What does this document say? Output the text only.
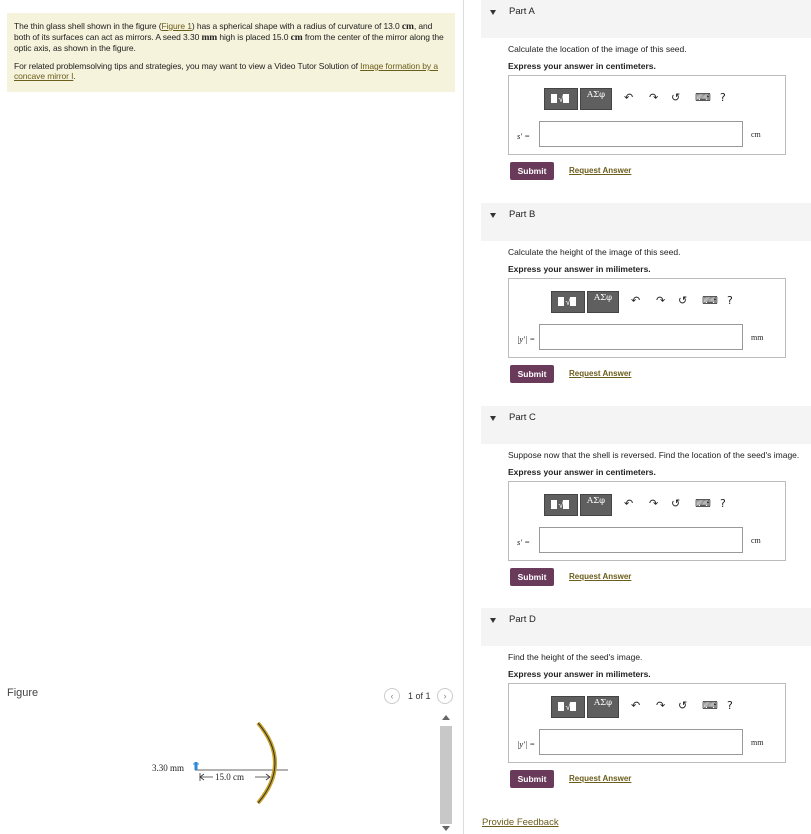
The thin glass shell shown in the figure (Figure 1) has a spherical shape with a radius of curvature of 13.0 cm, and both of its surfaces can act as mirrors. A seed 3.30 mm high is placed 15.0 cm from the center of the mirror along the optic axis, as shown in the figure.
For related problemsolving tips and strategies, you may want to view a Video Tutor Solution of Image formation by a concave mirror I.
Figure	‹	1 of 1	›
3.30 mm
15.0 cm
Part A
Calculate the location of the image of this seed.
Express your answer in centimeters.
√	ΑΣφ	↶ ↷ ↺ ⌨ ?
s′ =	cm
Submit	Request Answer
Part B
Calculate the height of the image of this seed.
Express your answer in milimeters.
√	ΑΣφ	↶ ↷ ↺ ⌨ ?
|y′| =	mm
Submit	Request Answer
Part C
Suppose now that the shell is reversed. Find the location of the seed's image.
Express your answer in centimeters.
√	ΑΣφ	↶ ↷ ↺ ⌨ ?
s′ =	cm
Submit	Request Answer
Part D
Find the height of the seed's image.
Express your answer in milimeters.
√	ΑΣφ	↶ ↷ ↺ ⌨ ?
|y′| =	mm
Submit	Request Answer
Provide Feedback
